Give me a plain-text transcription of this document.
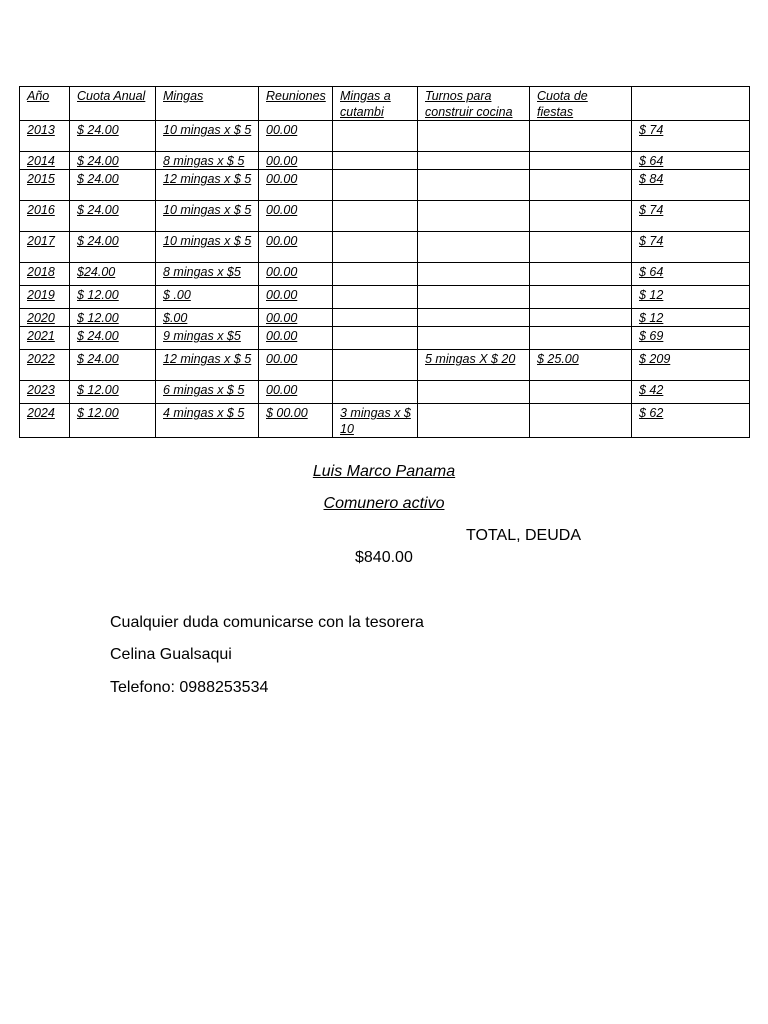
Año	Cuota Anual	Mingas	Reuniones	Mingas a cutambi	Turnos para construir cocina	Cuota de fiestas	
2013	$ 24.00	10 mingas x $ 5	00.00				$ 74
2014	$ 24.00	8 mingas x $ 5	00.00				$ 64
2015	$ 24.00	12 mingas x $ 5	00.00				$ 84
2016	$ 24.00	10 mingas x $ 5	00.00				$ 74
2017	$ 24.00	10 mingas x $ 5	00.00				$ 74
2018	$24.00	8 mingas x $5	00.00				$ 64
2019	$ 12.00	$ .00	00.00				$ 12
2020	$ 12.00	$.00	00.00				$ 12
2021	$ 24.00	9 mingas x $5	00.00				$ 69
2022	$ 24.00	12 mingas x $ 5	00.00		5 mingas X $ 20	$ 25.00	$ 209
2023	$ 12.00	6 mingas x $ 5	00.00				$ 42
2024	$ 12.00	4 mingas x $ 5	$ 00.00	3 mingas x $ 10			$ 62
Luis Marco Panama
Comunero activo
TOTAL, DEUDA
$840.00
Cualquier duda comunicarse con la tesorera
Celina Gualsaqui
Telefono: 0988253534
